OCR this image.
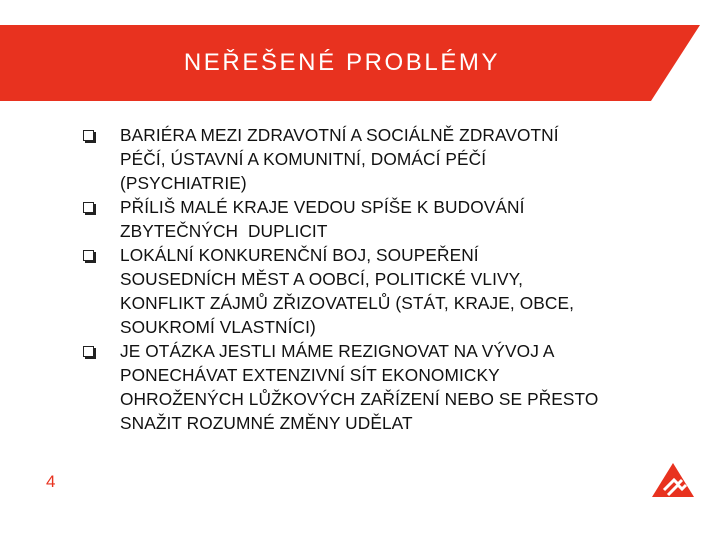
NEŘEŠENÉ PROBLÉMY
BARIÉRA MEZI ZDRAVOTNÍ A SOCIÁLNĚ ZDRAVOTNÍ
PÉČÍ, ÚSTAVNÍ A KOMUNITNÍ, DOMÁCÍ PÉČÍ
(PSYCHIATRIE)
PŘÍLIŠ MALÉ KRAJE VEDOU SPÍŠE K BUDOVÁNÍ
ZBYTEČNÝCH  DUPLICIT
LOKÁLNÍ KONKURENČNÍ BOJ, SOUPEŘENÍ
SOUSEDNÍCH MĚST A OOBCÍ, POLITICKÉ VLIVY,
KONFLIKT ZÁJMŮ ZŘIZOVATELŮ (STÁT, KRAJE, OBCE,
SOUKROMÍ VLASTNÍCI)
JE OTÁZKA JESTLI MÁME REZIGNOVAT NA VÝVOJ A
PONECHÁVAT EXTENZIVNÍ SÍT EKONOMICKY
OHROŽENÝCH LŮŽKOVÝCH ZAŘÍZENÍ NEBO SE PŘESTO
SNAŽIT ROZUMNÉ ZMĚNY UDĚLAT
4
